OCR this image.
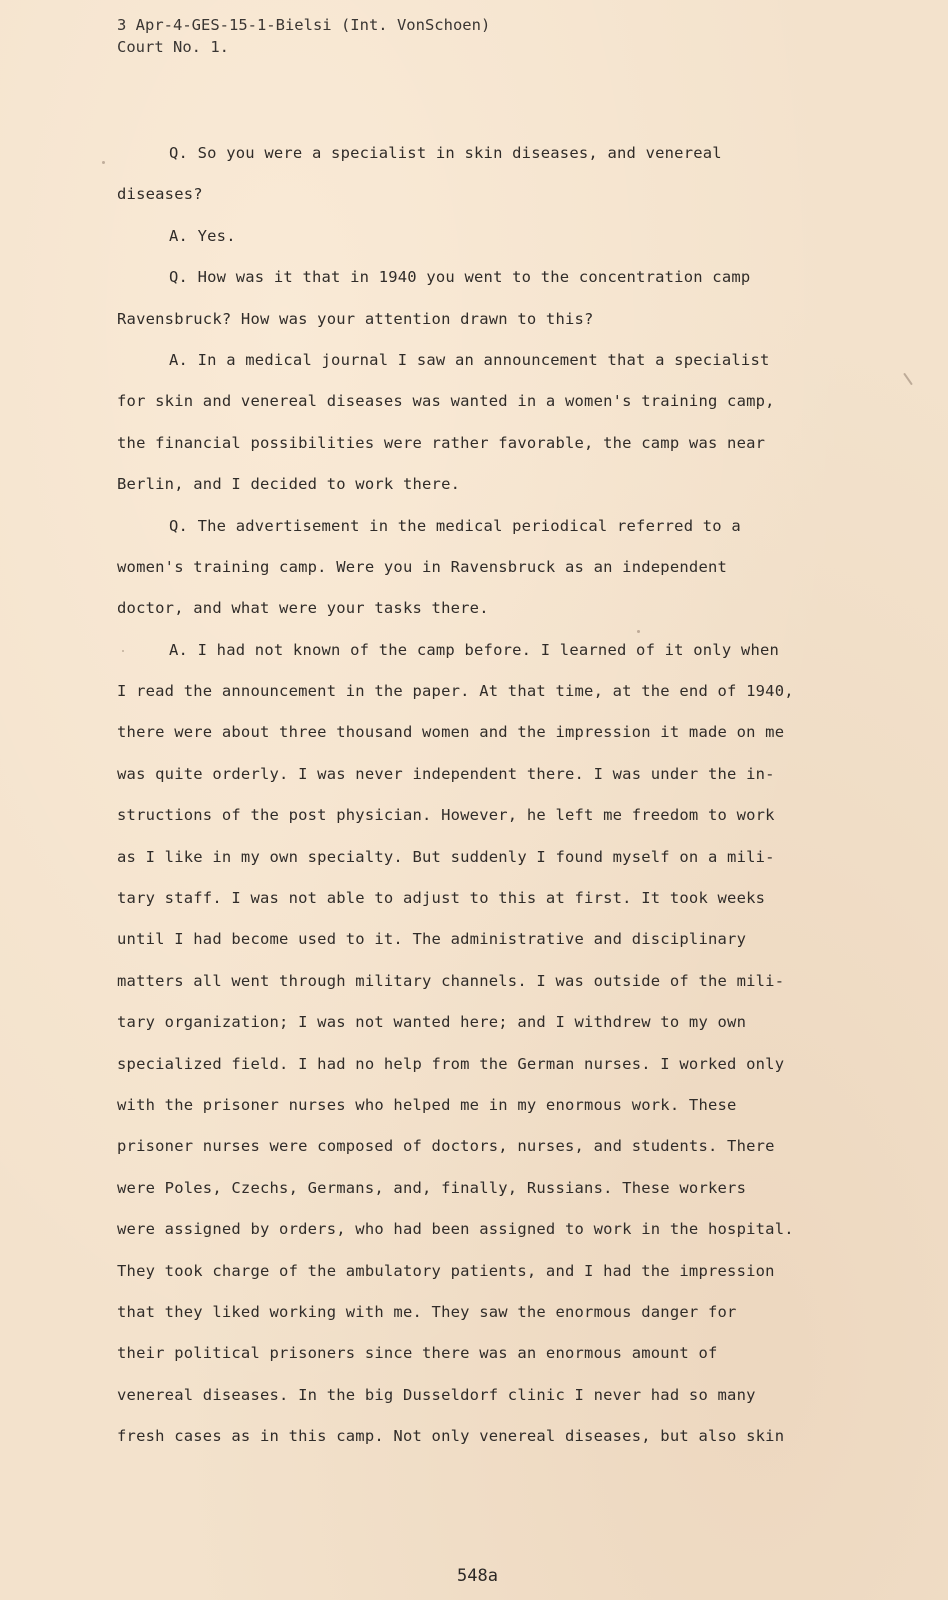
3 Apr-4-GES-15-1-Bielsi (Int. VonSchoen)
Court No. 1.
Q. So you were a specialist in skin diseases, and venereal
diseases?
A. Yes.
Q. How was it that in 1940 you went to the concentration camp
Ravensbruck? How was your attention drawn to this?
A. In a medical journal I saw an announcement that a specialist
for skin and venereal diseases was wanted in a women's training camp,
the financial possibilities were rather favorable, the camp was near
Berlin, and I decided to work there.
Q. The advertisement in the medical periodical referred to a
women's training camp. Were you in Ravensbruck as an independent
doctor, and what were your tasks there.
A. I had not known of the camp before. I learned of it only when
I read the announcement in the paper. At that time, at the end of 1940,
there were about three thousand women and the impression it made on me
was quite orderly. I was never independent there. I was under the in-
structions of the post physician. However, he left me freedom to work
as I like in my own specialty. But suddenly I found myself on a mili-
tary staff. I was not able to adjust to this at first. It took weeks
until I had become used to it. The administrative and disciplinary
matters all went through military channels. I was outside of the mili-
tary organization; I was not wanted here; and I withdrew to my own
specialized field. I had no help from the German nurses. I worked only
with the prisoner nurses who helped me in my enormous work. These
prisoner nurses were composed of doctors, nurses, and students. There
were Poles, Czechs, Germans, and, finally, Russians. These workers
were assigned by orders, who had been assigned to work in the hospital.
They took charge of the ambulatory patients, and I had the impression
that they liked working with me. They saw the enormous danger for
their political prisoners since there was an enormous amount of
venereal diseases. In the big Dusseldorf clinic I never had so many
fresh cases as in this camp. Not only venereal diseases, but also skin
548a
